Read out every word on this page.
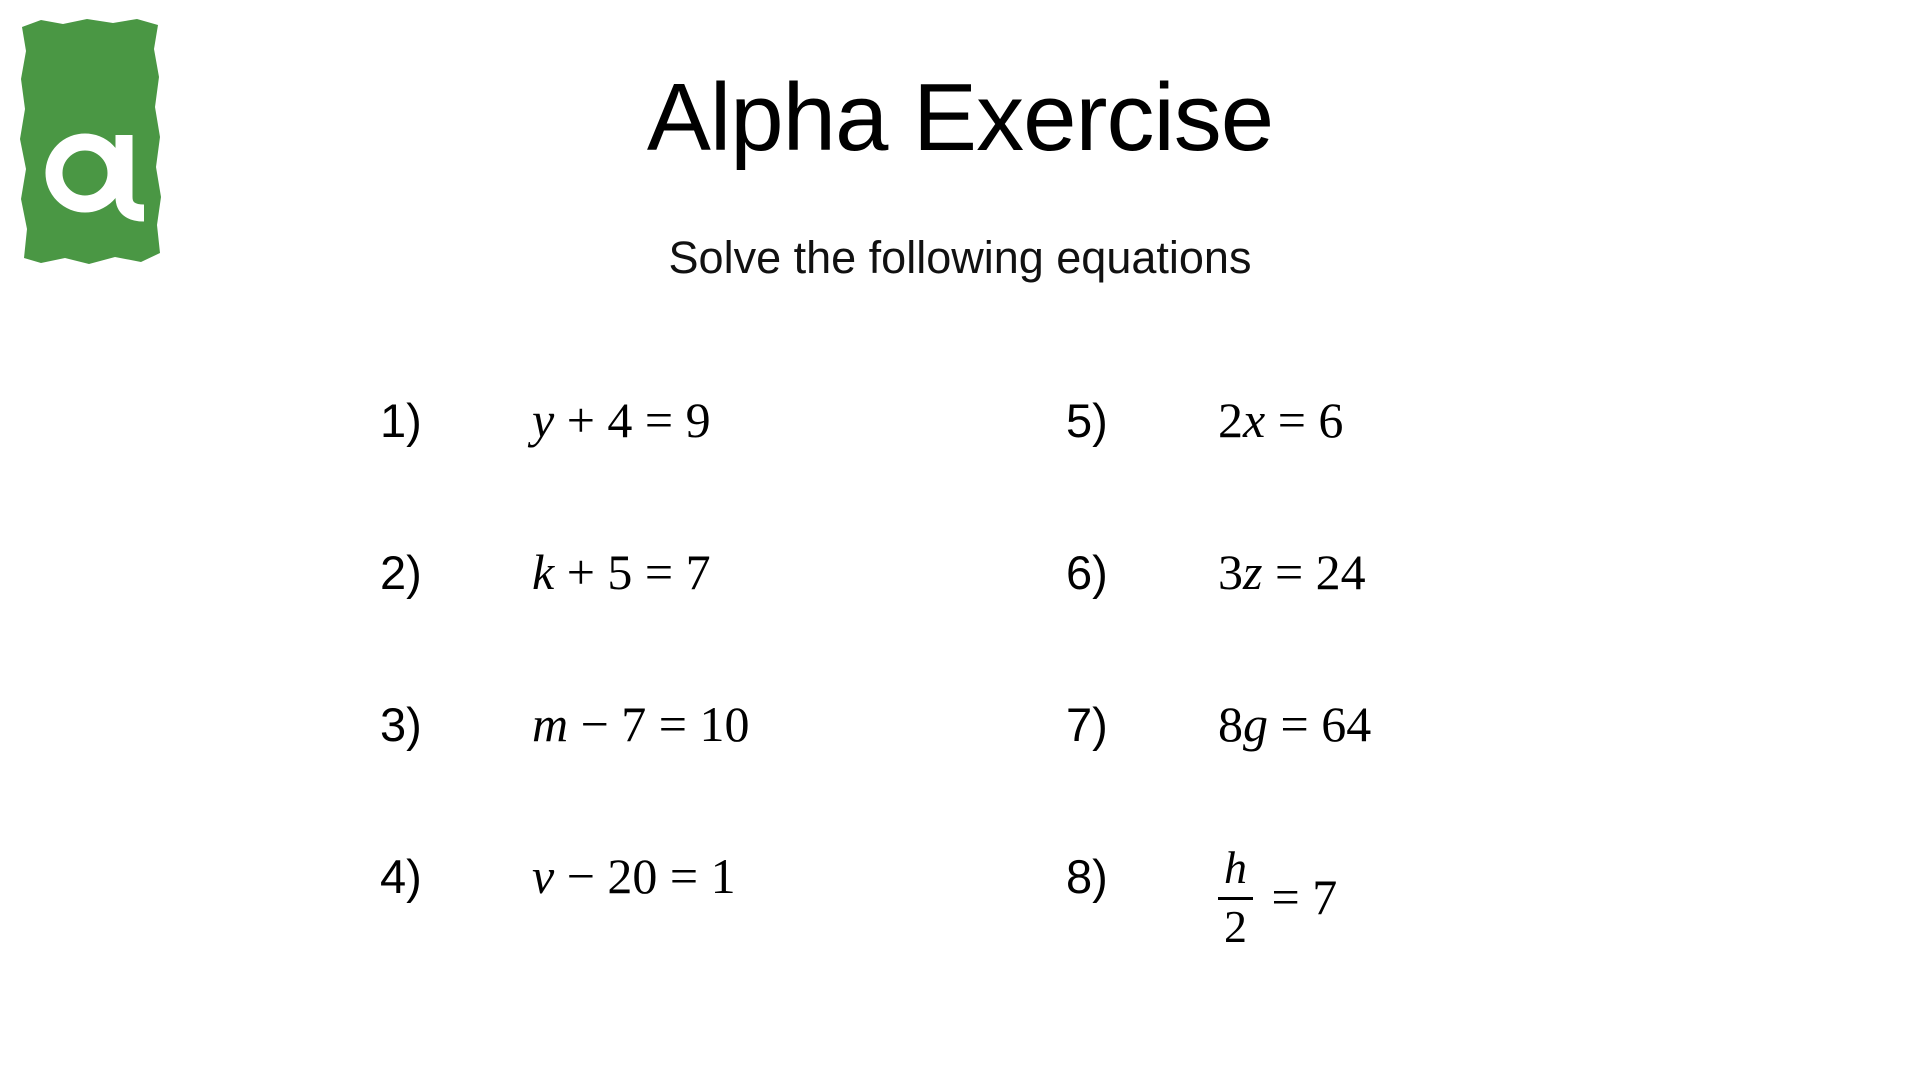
Alpha Exercise
Solve the following equations
1)	y + 4 = 9
2)	k + 5 = 7
3)	m − 7 = 10
4)	v − 20 = 1
5)	2 x = 6
6)	3 z = 24
7)	8 g = 64
8)	$\frac{h}{2} = 7$
